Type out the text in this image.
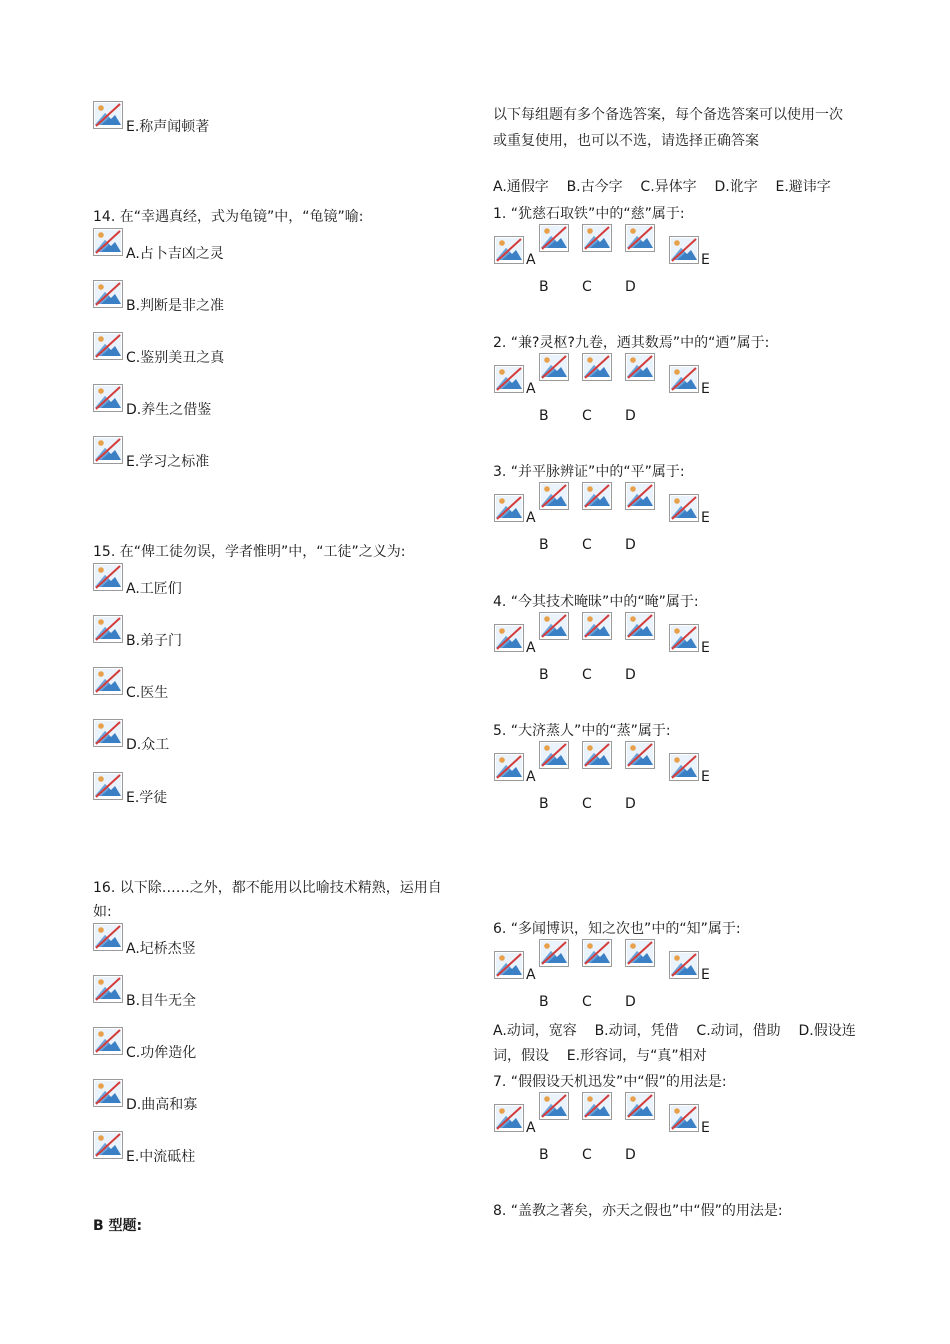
E.称声闻顿著
14. 在“幸遇真经，式为龟镜”中，“龟镜”喻:
A.占卜吉凶之灵
B.判断是非之准
C.鉴别美丑之真
D.养生之借鉴
E.学习之标准
15. 在“俾工徒勿误，学者惟明”中，“工徒”之义为:
A.工匠们
B.弟子门
C.医生
D.众工
E.学徒
16. 以下除……之外，都不能用以比喻技术精熟，运用自
如:
A.圮桥杰竖
B.目牛无全
C.功侔造化
D.曲高和寡
E.中流砥柱
B 型题:
以下每组题有多个备选答案，每个备选答案可以使用一次
或重复使用，也可以不选，请选择正确答案
A.通假字    B.古今字    C.异体字    D.讹字    E.避讳字
1. “犹慈石取铁”中的“慈”属于:
A	E
B C D
2. “兼?灵枢?九卷，迺其数焉”中的“迺”属于:
A	E
B C D
3. “并平脉辨证”中的“平”属于:
A	E
B C D
4. “今其技术晻昧”中的“晻”属于:
A	E
B C D
5. “大济蒸人”中的“蒸”属于:
A	E
B C D
6. “多闻博识，知之次也”中的“知”属于:
A	E
B C D
A.动词，宽容    B.动词，凭借    C.动词，借助    D.假设连
词，假设    E.形容词，与“真”相对
7. “假假设天机迅发”中“假”的用法是:
A	E
B C D
8. “盖教之著矣，亦天之假也”中“假”的用法是:
